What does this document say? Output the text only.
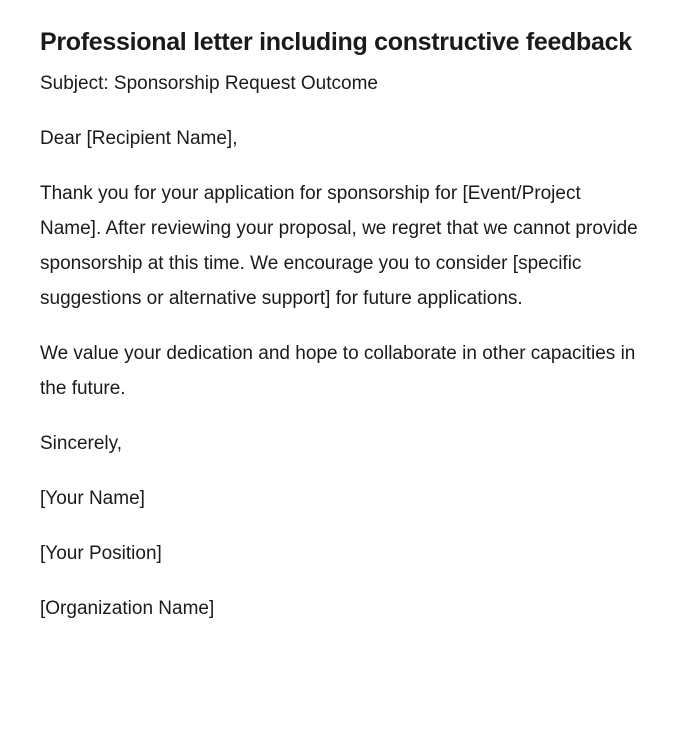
Professional letter including constructive feedback

Subject: Sponsorship Request Outcome

Dear [Recipient Name],

Thank you for your application for sponsorship for [Event/Project Name]. After reviewing your proposal, we regret that we cannot provide sponsorship at this time. We encourage you to consider [specific suggestions or alternative support] for future applications.

We value your dedication and hope to collaborate in other capacities in the future.

Sincerely,

[Your Name]

[Your Position]

[Organization Name]
